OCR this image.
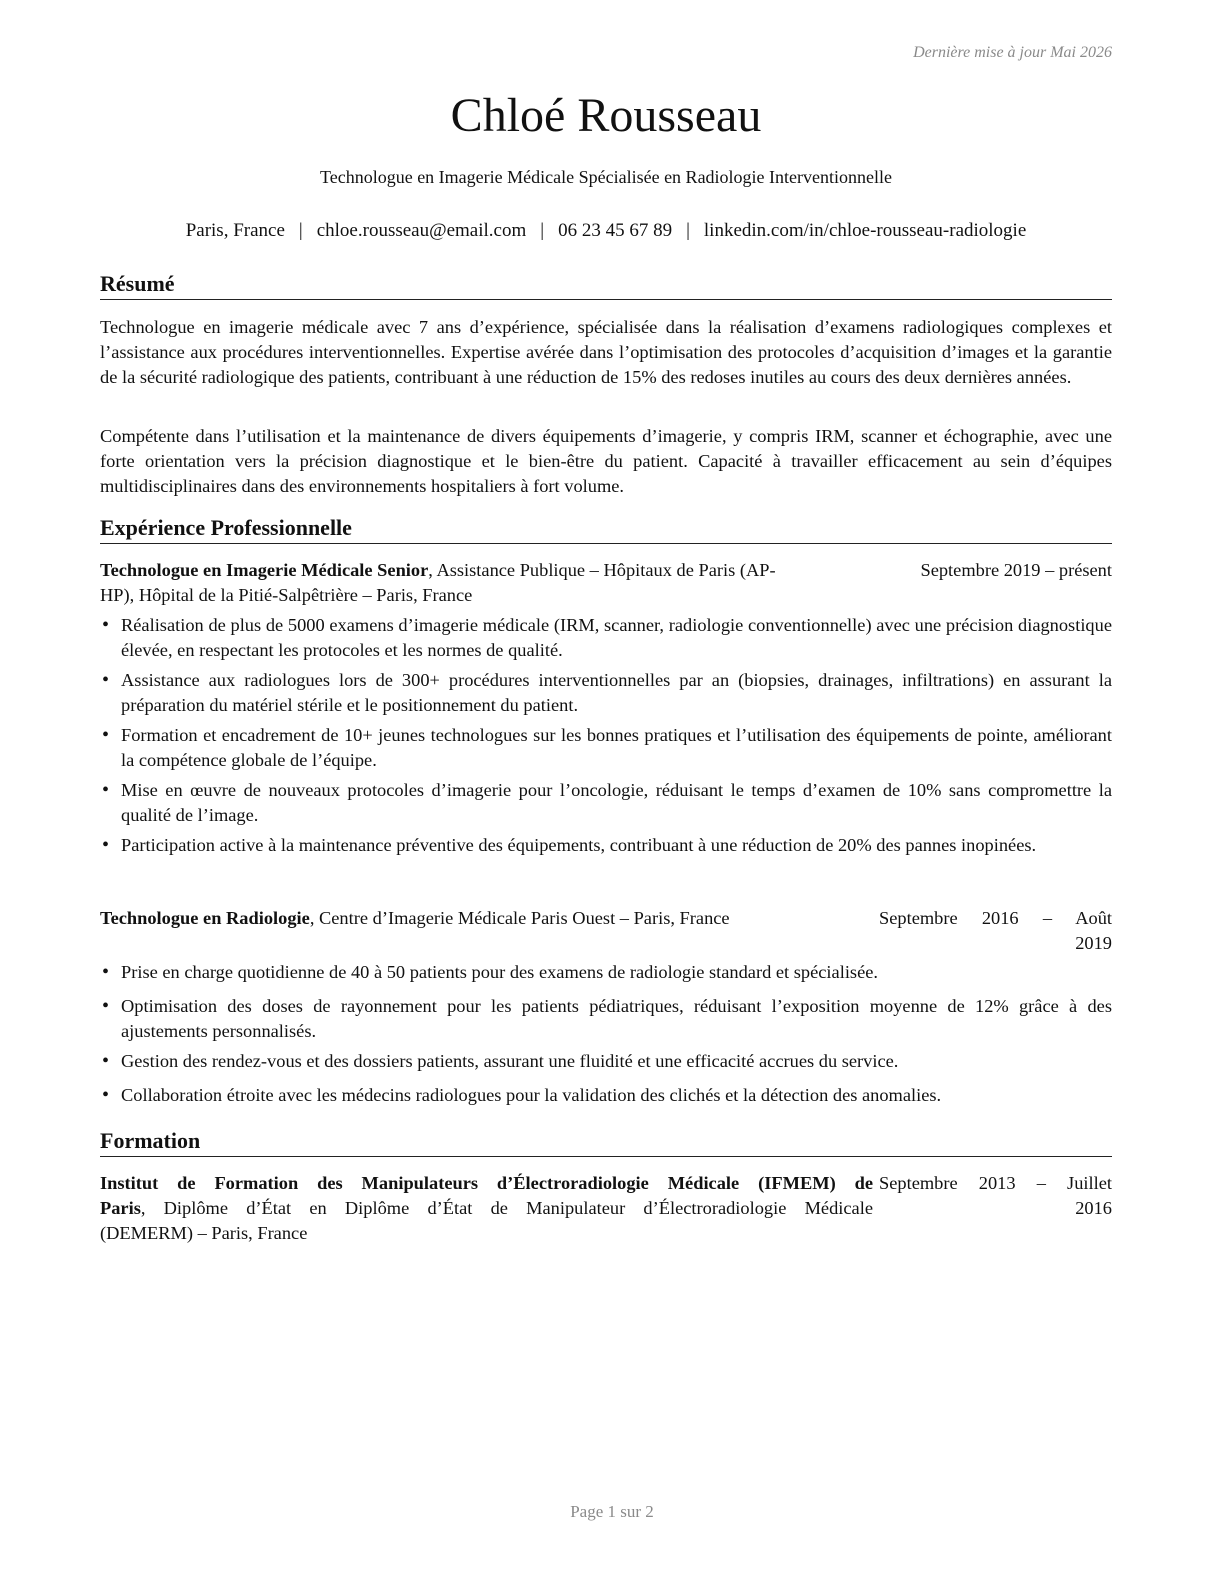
Dernière mise à jour Mai 2026
Chloé Rousseau
Technologue en Imagerie Médicale Spécialisée en Radiologie Interventionnelle
Paris, France | chloe.rousseau@email.com | 06 23 45 67 89 | linkedin.com/in/chloe-rousseau-radiologie
Résumé
Technologue en imagerie médicale avec 7 ans d’expérience, spécialisée dans la réalisation d’examens radiologiques complexes et l’assistance aux procédures interventionnelles. Expertise avérée dans l’optimisation des protocoles d’acquisition d’images et la garantie de la sécurité radiologique des patients, contribuant à une réduction de 15% des redoses inutiles au cours des deux dernières années.
Compétente dans l’utilisation et la maintenance de divers équipements d’imagerie, y compris IRM, scanner et échographie, avec une forte orientation vers la précision diagnostique et le bien-être du patient. Capacité à travailler efficacement au sein d’équipes multidisciplinaires dans des environnements hospitaliers à fort volume.
Expérience Professionnelle
Technologue en Imagerie Médicale Senior, Assistance Publique – Hôpitaux de Paris (AP-	Septembre 2019 – présent
HP), Hôpital de la Pitié-Salpêtrière – Paris, France
• Réalisation de plus de 5000 examens d’imagerie médicale (IRM, scanner, radiologie conventionnelle) avec une précision diagnostique élevée, en respectant les protocoles et les normes de qualité.
• Assistance aux radiologues lors de 300+ procédures interventionnelles par an (biopsies, drainages, infiltrations) en assurant la préparation du matériel stérile et le positionnement du patient.
• Formation et encadrement de 10+ jeunes technologues sur les bonnes pratiques et l’utilisation des équipements de pointe, améliorant la compétence globale de l’équipe.
• Mise en œuvre de nouveaux protocoles d’imagerie pour l’oncologie, réduisant le temps d’examen de 10% sans compromettre la qualité de l’image.
• Participation active à la maintenance préventive des équipements, contribuant à une réduction de 20% des pannes inopinées.
Technologue en Radiologie, Centre d’Imagerie Médicale Paris Ouest – Paris, France	Septembre 2016 – Août
2019
• Prise en charge quotidienne de 40 à 50 patients pour des examens de radiologie standard et spécialisée.
• Optimisation des doses de rayonnement pour les patients pédiatriques, réduisant l’exposition moyenne de 12% grâce à des ajustements personnalisés.
• Gestion des rendez-vous et des dossiers patients, assurant une fluidité et une efficacité accrues du service.
• Collaboration étroite avec les médecins radiologues pour la validation des clichés et la détection des anomalies.
Formation
Institut de Formation des Manipulateurs d’Électroradiologie Médicale (IFMEM) de
Paris, Diplôme d’État en Diplôme d’État de Manipulateur d’Électroradiologie Médicale
(DEMERM) – Paris, France
Septembre 2013 – Juillet
2016
Page 1 sur 2
